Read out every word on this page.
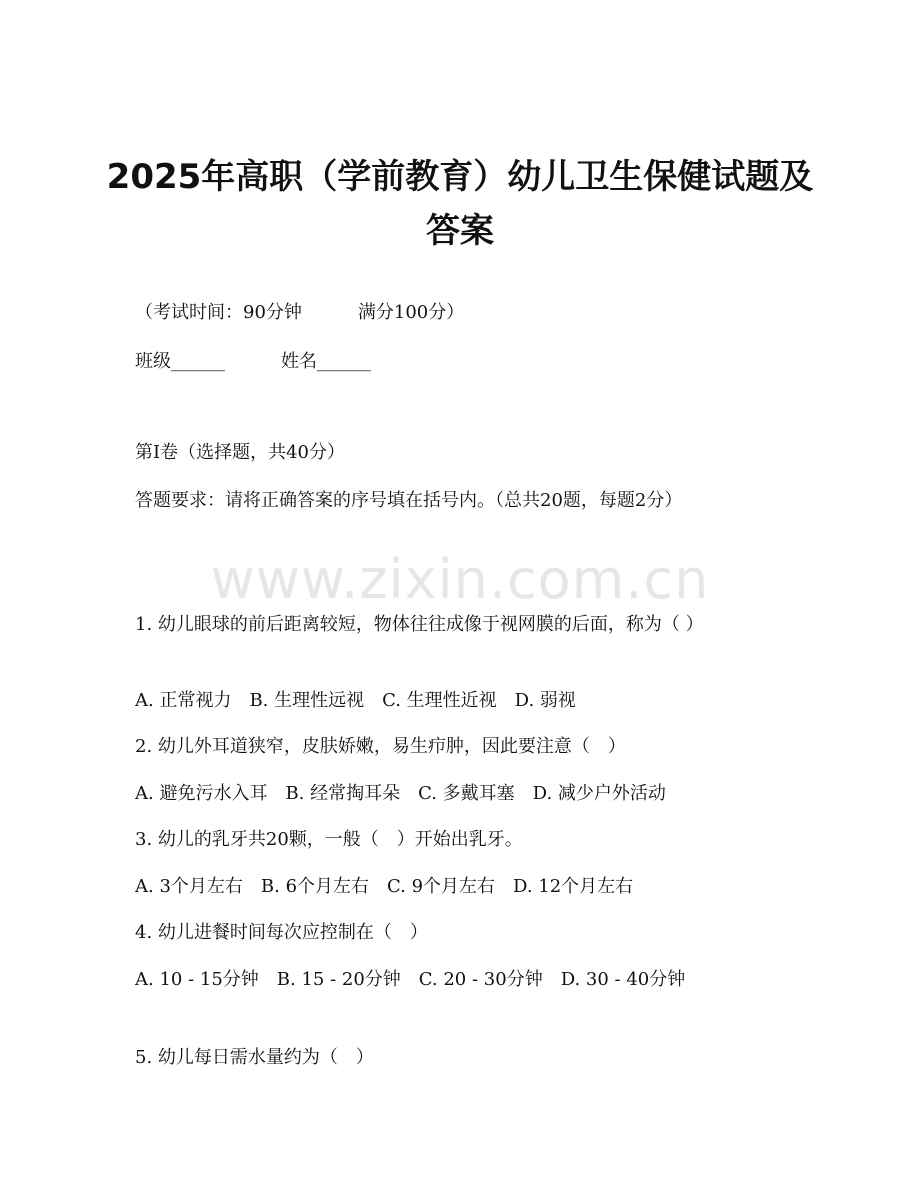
2025年高职（学前教育）幼儿卫生保健试题及答案
（考试时间：90分钟	满分100分）
班级______	姓名______
第I卷（选择题，共40分）
答题要求：请将正确答案的序号填在括号内。（总共20题，每题2分）
www.zixin.com.cn
1. 幼儿眼球的前后距离较短，物体往往成像于视网膜的后面，称为（ ）
A. 正常视力　B. 生理性远视　C. 生理性近视　D. 弱视
2. 幼儿外耳道狭窄，皮肤娇嫩，易生疖肿，因此要注意（　）
A. 避免污水入耳　B. 经常掏耳朵　C. 多戴耳塞　D. 减少户外活动
3. 幼儿的乳牙共20颗，一般（　）开始出乳牙。
A. 3个月左右　B. 6个月左右　C. 9个月左右　D. 12个月左右
4. 幼儿进餐时间每次应控制在（　）
A. 10 - 15分钟　B. 15 - 20分钟　C. 20 - 30分钟　D. 30 - 40分钟
5. 幼儿每日需水量约为（　）
